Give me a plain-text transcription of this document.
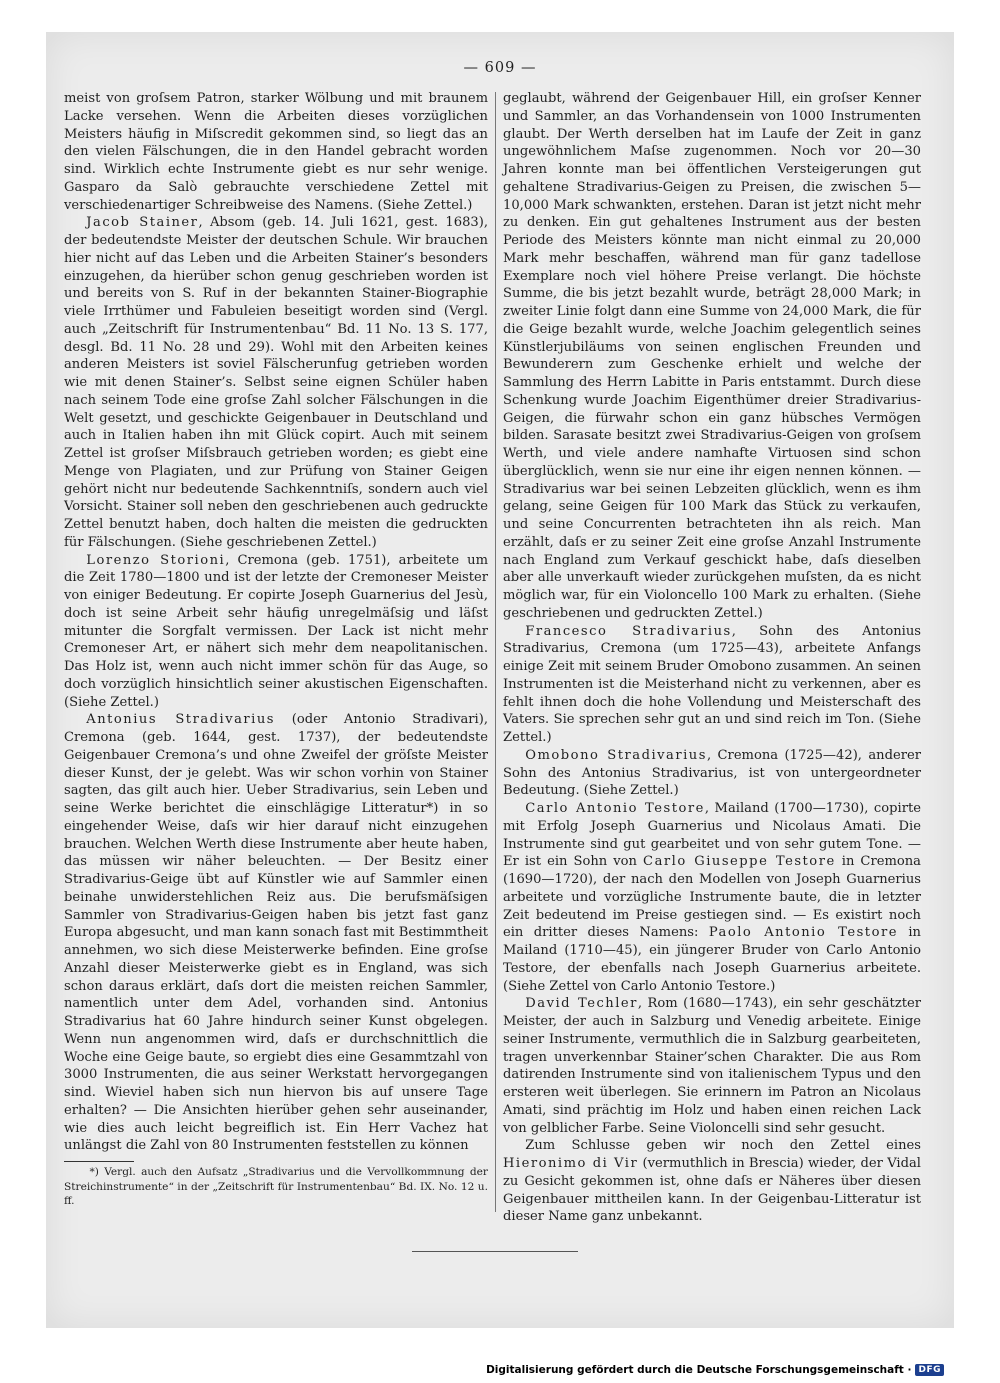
— 609 —

meist von groſsem Patron, starker Wölbung und mit braunem Lacke versehen. Wenn die Arbeiten dieses vorzüglichen Meisters häufig in Miſscredit gekommen sind, so liegt das an den vielen Fälschungen, die in den Handel gebracht worden sind. Wirklich echte Instrumente giebt es nur sehr wenige. Gasparo da Salò gebrauchte verschiedene Zettel mit verschiedenartiger Schreibweise des Namens. (Siehe Zettel.)

Jacob Stainer, Absom (geb. 14. Juli 1621, gest. 1683), der bedeutendste Meister der deutschen Schule. Wir brauchen hier nicht auf das Leben und die Arbeiten Stainer’s besonders einzugehen, da hierüber schon genug geschrieben worden ist und bereits von S. Ruf in der bekannten Stainer-Biographie viele Irrthümer und Fabuleien beseitigt worden sind (Vergl. auch „Zeitschrift für Instrumentenbau“ Bd. 11 No. 13 S. 177, desgl. Bd. 11 No. 28 und 29). Wohl mit den Arbeiten keines anderen Meisters ist soviel Fälscherunfug getrieben worden wie mit denen Stainer’s. Selbst seine eignen Schüler haben nach seinem Tode eine groſse Zahl solcher Fälschungen in die Welt gesetzt, und geschickte Geigenbauer in Deutschland und auch in Italien haben ihn mit Glück copirt. Auch mit seinem Zettel ist groſser Miſsbrauch getrieben worden; es giebt eine Menge von Plagiaten, und zur Prüfung von Stainer Geigen gehört nicht nur bedeutende Sachkenntniſs, sondern auch viel Vorsicht. Stainer soll neben den geschriebenen auch gedruckte Zettel benutzt haben, doch halten die meisten die gedruckten für Fälschungen. (Siehe geschriebenen Zettel.)

Lorenzo Storioni, Cremona (geb. 1751), arbeitete um die Zeit 1780—1800 und ist der letzte der Cremoneser Meister von einiger Bedeutung. Er copirte Joseph Guarnerius del Jesù, doch ist seine Arbeit sehr häufig unregelmäſsig und läſst mitunter die Sorgfalt vermissen. Der Lack ist nicht mehr Cremoneser Art, er nähert sich mehr dem neapolitanischen. Das Holz ist, wenn auch nicht immer schön für das Auge, so doch vorzüglich hinsichtlich seiner akustischen Eigenschaften. (Siehe Zettel.)

Antonius Stradivarius (oder Antonio Stradivari), Cremona (geb. 1644, gest. 1737), der bedeutendste Geigenbauer Cremona’s und ohne Zweifel der gröſste Meister dieser Kunst, der je gelebt. Was wir schon vorhin von Stainer sagten, das gilt auch hier. Ueber Stradivarius, sein Leben und seine Werke berichtet die einschlägige Litteratur*) in so eingehender Weise, daſs wir hier darauf nicht einzugehen brauchen. Welchen Werth diese Instrumente aber heute haben, das müssen wir näher beleuchten. — Der Besitz einer Stradivarius-Geige übt auf Künstler wie auf Sammler einen beinahe unwiderstehlichen Reiz aus. Die berufsmäſsigen Sammler von Stradivarius-Geigen haben bis jetzt fast ganz Europa abgesucht, und man kann sonach fast mit Bestimmtheit annehmen, wo sich diese Meisterwerke befinden. Eine groſse Anzahl dieser Meisterwerke giebt es in England, was sich schon daraus erklärt, daſs dort die meisten reichen Sammler, namentlich unter dem Adel, vorhanden sind. Antonius Stradivarius hat 60 Jahre hindurch seiner Kunst obgelegen. Wenn nun angenommen wird, daſs er durchschnittlich die Woche eine Geige baute, so ergiebt dies eine Gesammtzahl von 3000 Instrumenten, die aus seiner Werkstatt hervorgegangen sind. Wieviel haben sich nun hiervon bis auf unsere Tage erhalten? — Die Ansichten hierüber gehen sehr auseinander, wie dies auch leicht begreiflich ist. Ein Herr Vachez hat unlängst die Zahl von 80 Instrumenten feststellen zu können

geglaubt, während der Geigenbauer Hill, ein groſser Kenner und Sammler, an das Vorhandensein von 1000 Instrumenten glaubt. Der Werth derselben hat im Laufe der Zeit in ganz ungewöhnlichem Maſse zugenommen. Noch vor 20—30 Jahren konnte man bei öffentlichen Versteigerungen gut gehaltene Stradivarius-Geigen zu Preisen, die zwischen 5—10,000 Mark schwankten, erstehen. Daran ist jetzt nicht mehr zu denken. Ein gut gehaltenes Instrument aus der besten Periode des Meisters könnte man nicht einmal zu 20,000 Mark mehr beschaffen, während man für ganz tadellose Exemplare noch viel höhere Preise verlangt. Die höchste Summe, die bis jetzt bezahlt wurde, beträgt 28,000 Mark; in zweiter Linie folgt dann eine Summe von 24,000 Mark, die für die Geige bezahlt wurde, welche Joachim gelegentlich seines Künstlerjubiläums von seinen englischen Freunden und Bewunderern zum Geschenke erhielt und welche der Sammlung des Herrn Labitte in Paris entstammt. Durch diese Schenkung wurde Joachim Eigenthümer dreier Stradivarius-Geigen, die fürwahr schon ein ganz hübsches Vermögen bilden. Sarasate besitzt zwei Stradivarius-Geigen von groſsem Werth, und viele andere namhafte Virtuosen sind schon überglücklich, wenn sie nur eine ihr eigen nennen können. — Stradivarius war bei seinen Lebzeiten glücklich, wenn es ihm gelang, seine Geigen für 100 Mark das Stück zu verkaufen, und seine Concurrenten betrachteten ihn als reich. Man erzählt, daſs er zu seiner Zeit eine groſse Anzahl Instrumente nach England zum Verkauf geschickt habe, daſs dieselben aber alle unverkauft wieder zurückgehen muſsten, da es nicht möglich war, für ein Violoncello 100 Mark zu erhalten. (Siehe geschriebenen und gedruckten Zettel.)

Francesco Stradivarius, Sohn des Antonius Stradivarius, Cremona (um 1725—43), arbeitete Anfangs einige Zeit mit seinem Bruder Omobono zusammen. An seinen Instrumenten ist die Meisterhand nicht zu verkennen, aber es fehlt ihnen doch die hohe Vollendung und Meisterschaft des Vaters. Sie sprechen sehr gut an und sind reich im Ton. (Siehe Zettel.)

Omobono Stradivarius, Cremona (1725—42), anderer Sohn des Antonius Stradivarius, ist von untergeordneter Bedeutung. (Siehe Zettel.)

Carlo Antonio Testore, Mailand (1700—1730), copirte mit Erfolg Joseph Guarnerius und Nicolaus Amati. Die Instrumente sind gut gearbeitet und von sehr gutem Tone. — Er ist ein Sohn von Carlo Giuseppe Testore in Cremona (1690—1720), der nach den Modellen von Joseph Guarnerius arbeitete und vorzügliche Instrumente baute, die in letzter Zeit bedeutend im Preise gestiegen sind. — Es existirt noch ein dritter dieses Namens: Paolo Antonio Testore in Mailand (1710—45), ein jüngerer Bruder von Carlo Antonio Testore, der ebenfalls nach Joseph Guarnerius arbeitete. (Siehe Zettel von Carlo Antonio Testore.)

David Techler, Rom (1680—1743), ein sehr geschätzter Meister, der auch in Salzburg und Venedig arbeitete. Einige seiner Instrumente, vermuthlich die in Salzburg gearbeiteten, tragen unverkennbar Stainer’schen Charakter. Die aus Rom datirenden Instrumente sind von italienischem Typus und den ersteren weit überlegen. Sie erinnern im Patron an Nicolaus Amati, sind prächtig im Holz und haben einen reichen Lack von gelblicher Farbe. Seine Violoncelli sind sehr gesucht.

Zum Schlusse geben wir noch den Zettel eines Hieronimo di Vir (vermuthlich in Brescia) wieder, der Vidal zu Gesicht gekommen ist, ohne daſs er Näheres über diesen Geigenbauer mittheilen kann. In der Geigenbau-Litteratur ist dieser Name ganz unbekannt.

*) Vergl. auch den Aufsatz „Stradivarius und die Vervollkommnung der Streichinstrumente“ in der „Zeitschrift für Instrumentenbau“ Bd. IX. No. 12 u. ff.

Digitalisierung gefördert durch die Deutsche Forschungsgemeinschaft · DFG
